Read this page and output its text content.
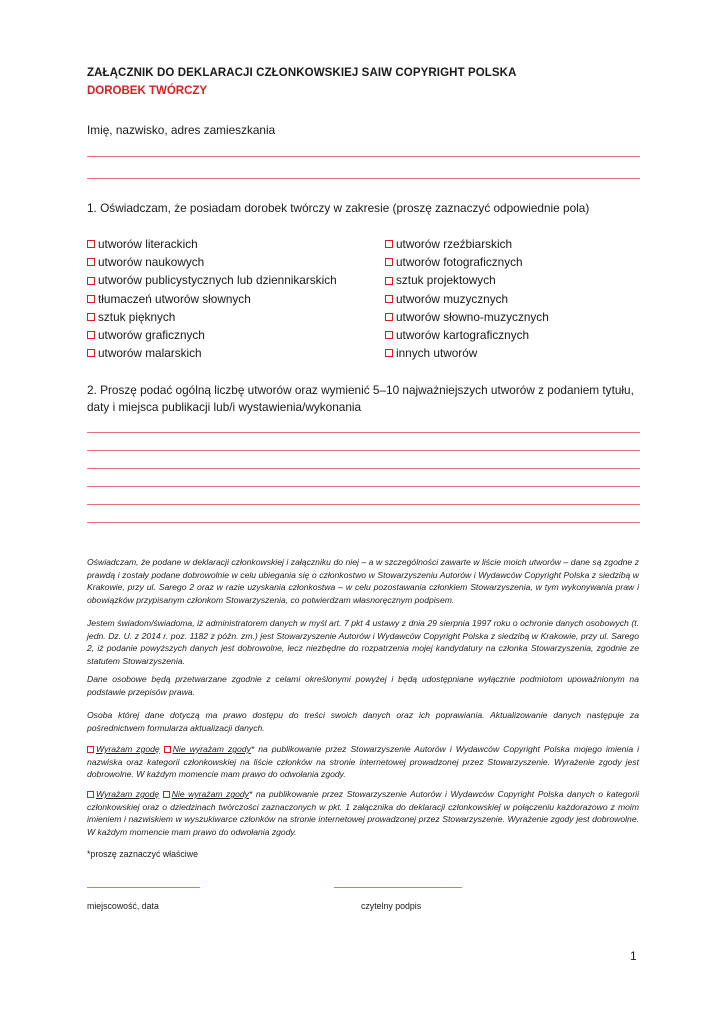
ZAŁĄCZNIK DO DEKLARACJI CZŁONKOWSKIEJ SAIW COPYRIGHT POLSKA
DOROBEK TWÓRCZY
Imię, nazwisko, adres zamieszkania
1. Oświadczam, że posiadam dorobek twórczy w zakresie (proszę zaznaczyć odpowiednie pola)
utworów literackich
utworów naukowych
utworów publicystycznych lub dziennikarskich
tłumaczeń utworów słownych
sztuk pięknych
utworów graficznych
utworów malarskich
utworów rzeźbiarskich
utworów fotograficznych
sztuk projektowych
utworów muzycznych
utworów słowno-muzycznych
utworów kartograficznych
innych utworów
2. Proszę podać ogólną liczbę utworów oraz wymienić 5–10 najważniejszych utworów z podaniem tytułu,
daty i miejsca publikacji lub/i wystawienia/wykonania
Oświadczam, że podane w deklaracji członkowskiej i załączniku do niej – a w szczególności zawarte w liście moich utworów – dane są zgodne z prawdą i zostały podane dobrowolnie w celu ubiegania się o członkostwo w Stowarzyszeniu Autorów i Wydawców Copyright Polska z siedzibą w Krakowie, przy ul. Sarego 2 oraz w razie uzyskania członkostwa – w celu pozostawania członkiem Stowarzyszenia, w tym wykonywania praw i obowiązków przypisanym członkom Stowarzyszenia, co potwierdzam własnoręcznym podpisem.
Jestem świadom/świadoma, iż administratorem danych w myśl art. 7 pkt 4 ustawy z dnia 29 sierpnia 1997 roku o ochronie danych osobowych (t. jedn. Dz. U. z 2014 r. poz. 1182 z późn. zm.) jest Stowarzyszenie Autorów i Wydawców Copyright Polska z siedzibą w Krakowie, przy ul. Sarego 2, iż podanie powyższych danych jest dobrowolne, lecz niezbędne do rozpatrzenia mojej kandydatury na członka Stowarzyszenia, zgodnie ze statutem Stowarzyszenia.
Dane osobowe będą przetwarzane zgodnie z celami określonymi powyżej i będą udostępniane wyłącznie podmiotom upoważnionym na podstawie przepisów prawa.
Osoba której dane dotyczą ma prawo dostępu do treści swoich danych oraz ich poprawiania. Aktualizowanie danych następuje za pośrednictwem formularza aktualizacji danych.
Wyrażam zgodę Nie wyrażam zgody* na publikowanie przez Stowarzyszenie Autorów i Wydawców Copyright Polska mojego imienia i nazwiska oraz kategorii członkowskiej na liście członków na stronie internetowej prowadzonej przez Stowarzyszenie. Wyrażenie zgody jest dobrowolne. W każdym momencie mam prawo do odwołania zgody.
Wyrażam zgodę Nie wyrażam zgody* na publikowanie przez Stowarzyszenie Autorów i Wydawców Copyright Polska danych o kategorii członkowskiej oraz o dziedzinach twórczości zaznaczonych w pkt. 1 załącznika do deklaracji członkowskiej w połączeniu każdorazowo z moim imieniem i nazwiskiem w wyszukiwarce członków na stronie internetowej prowadzonej przez Stowarzyszenie. Wyrażenie zgody jest dobrowolne. W każdym momencie mam prawo do odwołania zgody.
*proszę zaznaczyć właściwe
miejscowość, data	czytelny podpis
1
